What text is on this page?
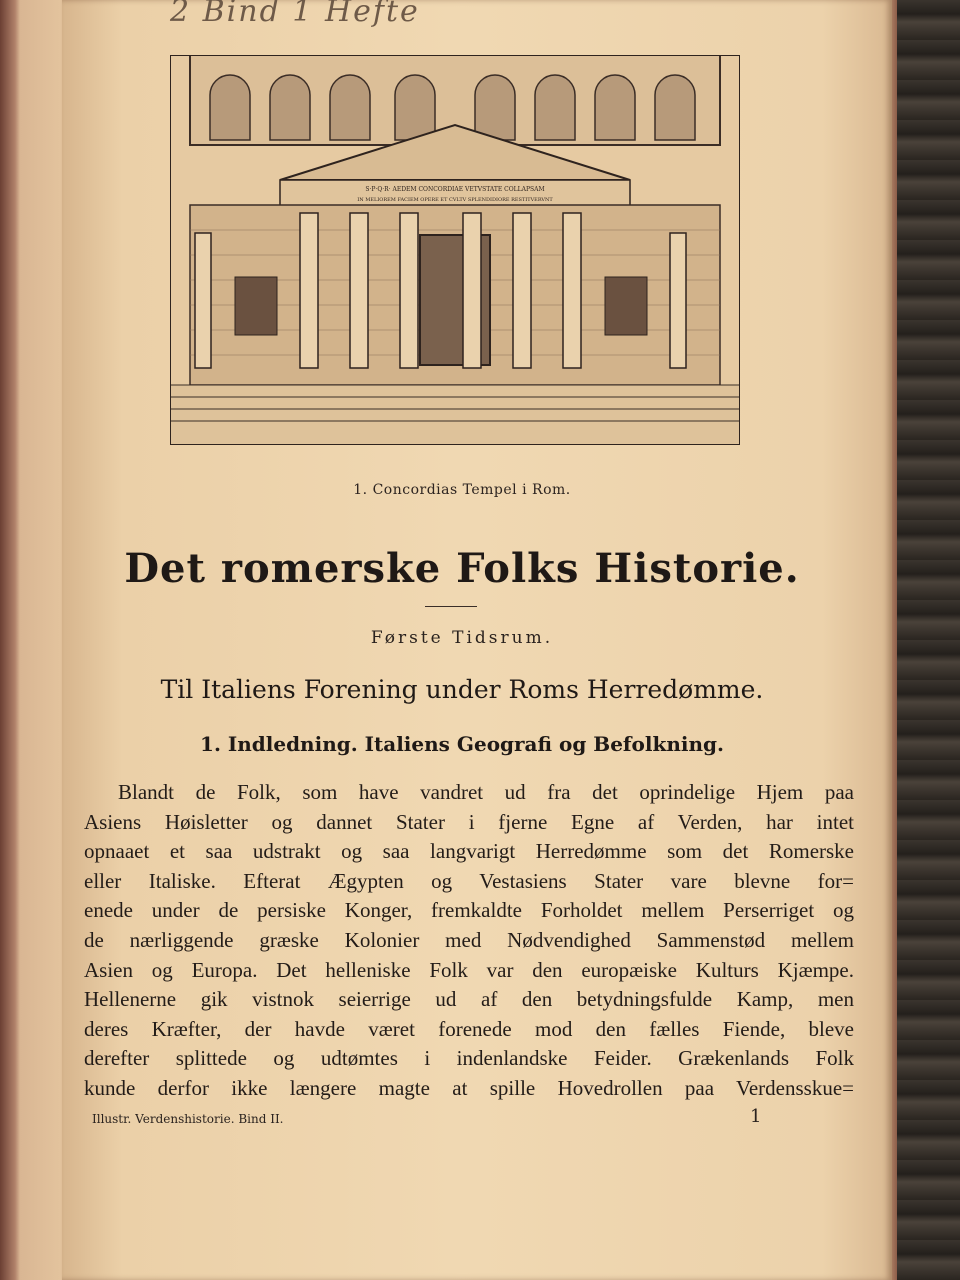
2 Bind 1 Hefte
S·P·Q·R· AEDEM CONCORDIAE VETVSTATE COLLAPSAM
IN MELIOREM FACIEM OPERE ET CVLTV SPLENDIDIORE RESTITVERVNT
1. Concordias Tempel i Rom.
Det romerske Folks Historie.
Første Tidsrum.
Til Italiens Forening under Roms Herredømme.
1. Indledning. Italiens Geografi og Befolkning.
Blandt de Folk, som have vandret ud fra det oprindelige Hjem paa
Asiens Høisletter og dannet Stater i fjerne Egne af Verden, har intet
opnaaet et saa udstrakt og saa langvarigt Herredømme som det Romerske
eller Italiske. Efterat Ægypten og Vestasiens Stater vare blevne for=
enede under de persiske Konger, fremkaldte Forholdet mellem Perserriget og
de nærliggende græske Kolonier med Nødvendighed Sammenstød mellem
Asien og Europa. Det helleniske Folk var den europæiske Kulturs Kjæmpe.
Hellenerne gik vistnok seierrige ud af den betydningsfulde Kamp, men
deres Kræfter, der havde været forenede mod den fælles Fiende, bleve
derefter splittede og udtømtes i indenlandske Feider. Grækenlands Folk
kunde derfor ikke længere magte at spille Hovedrollen paa Verdensskue=
Illustr. Verdenshistorie. Bind II.	1
